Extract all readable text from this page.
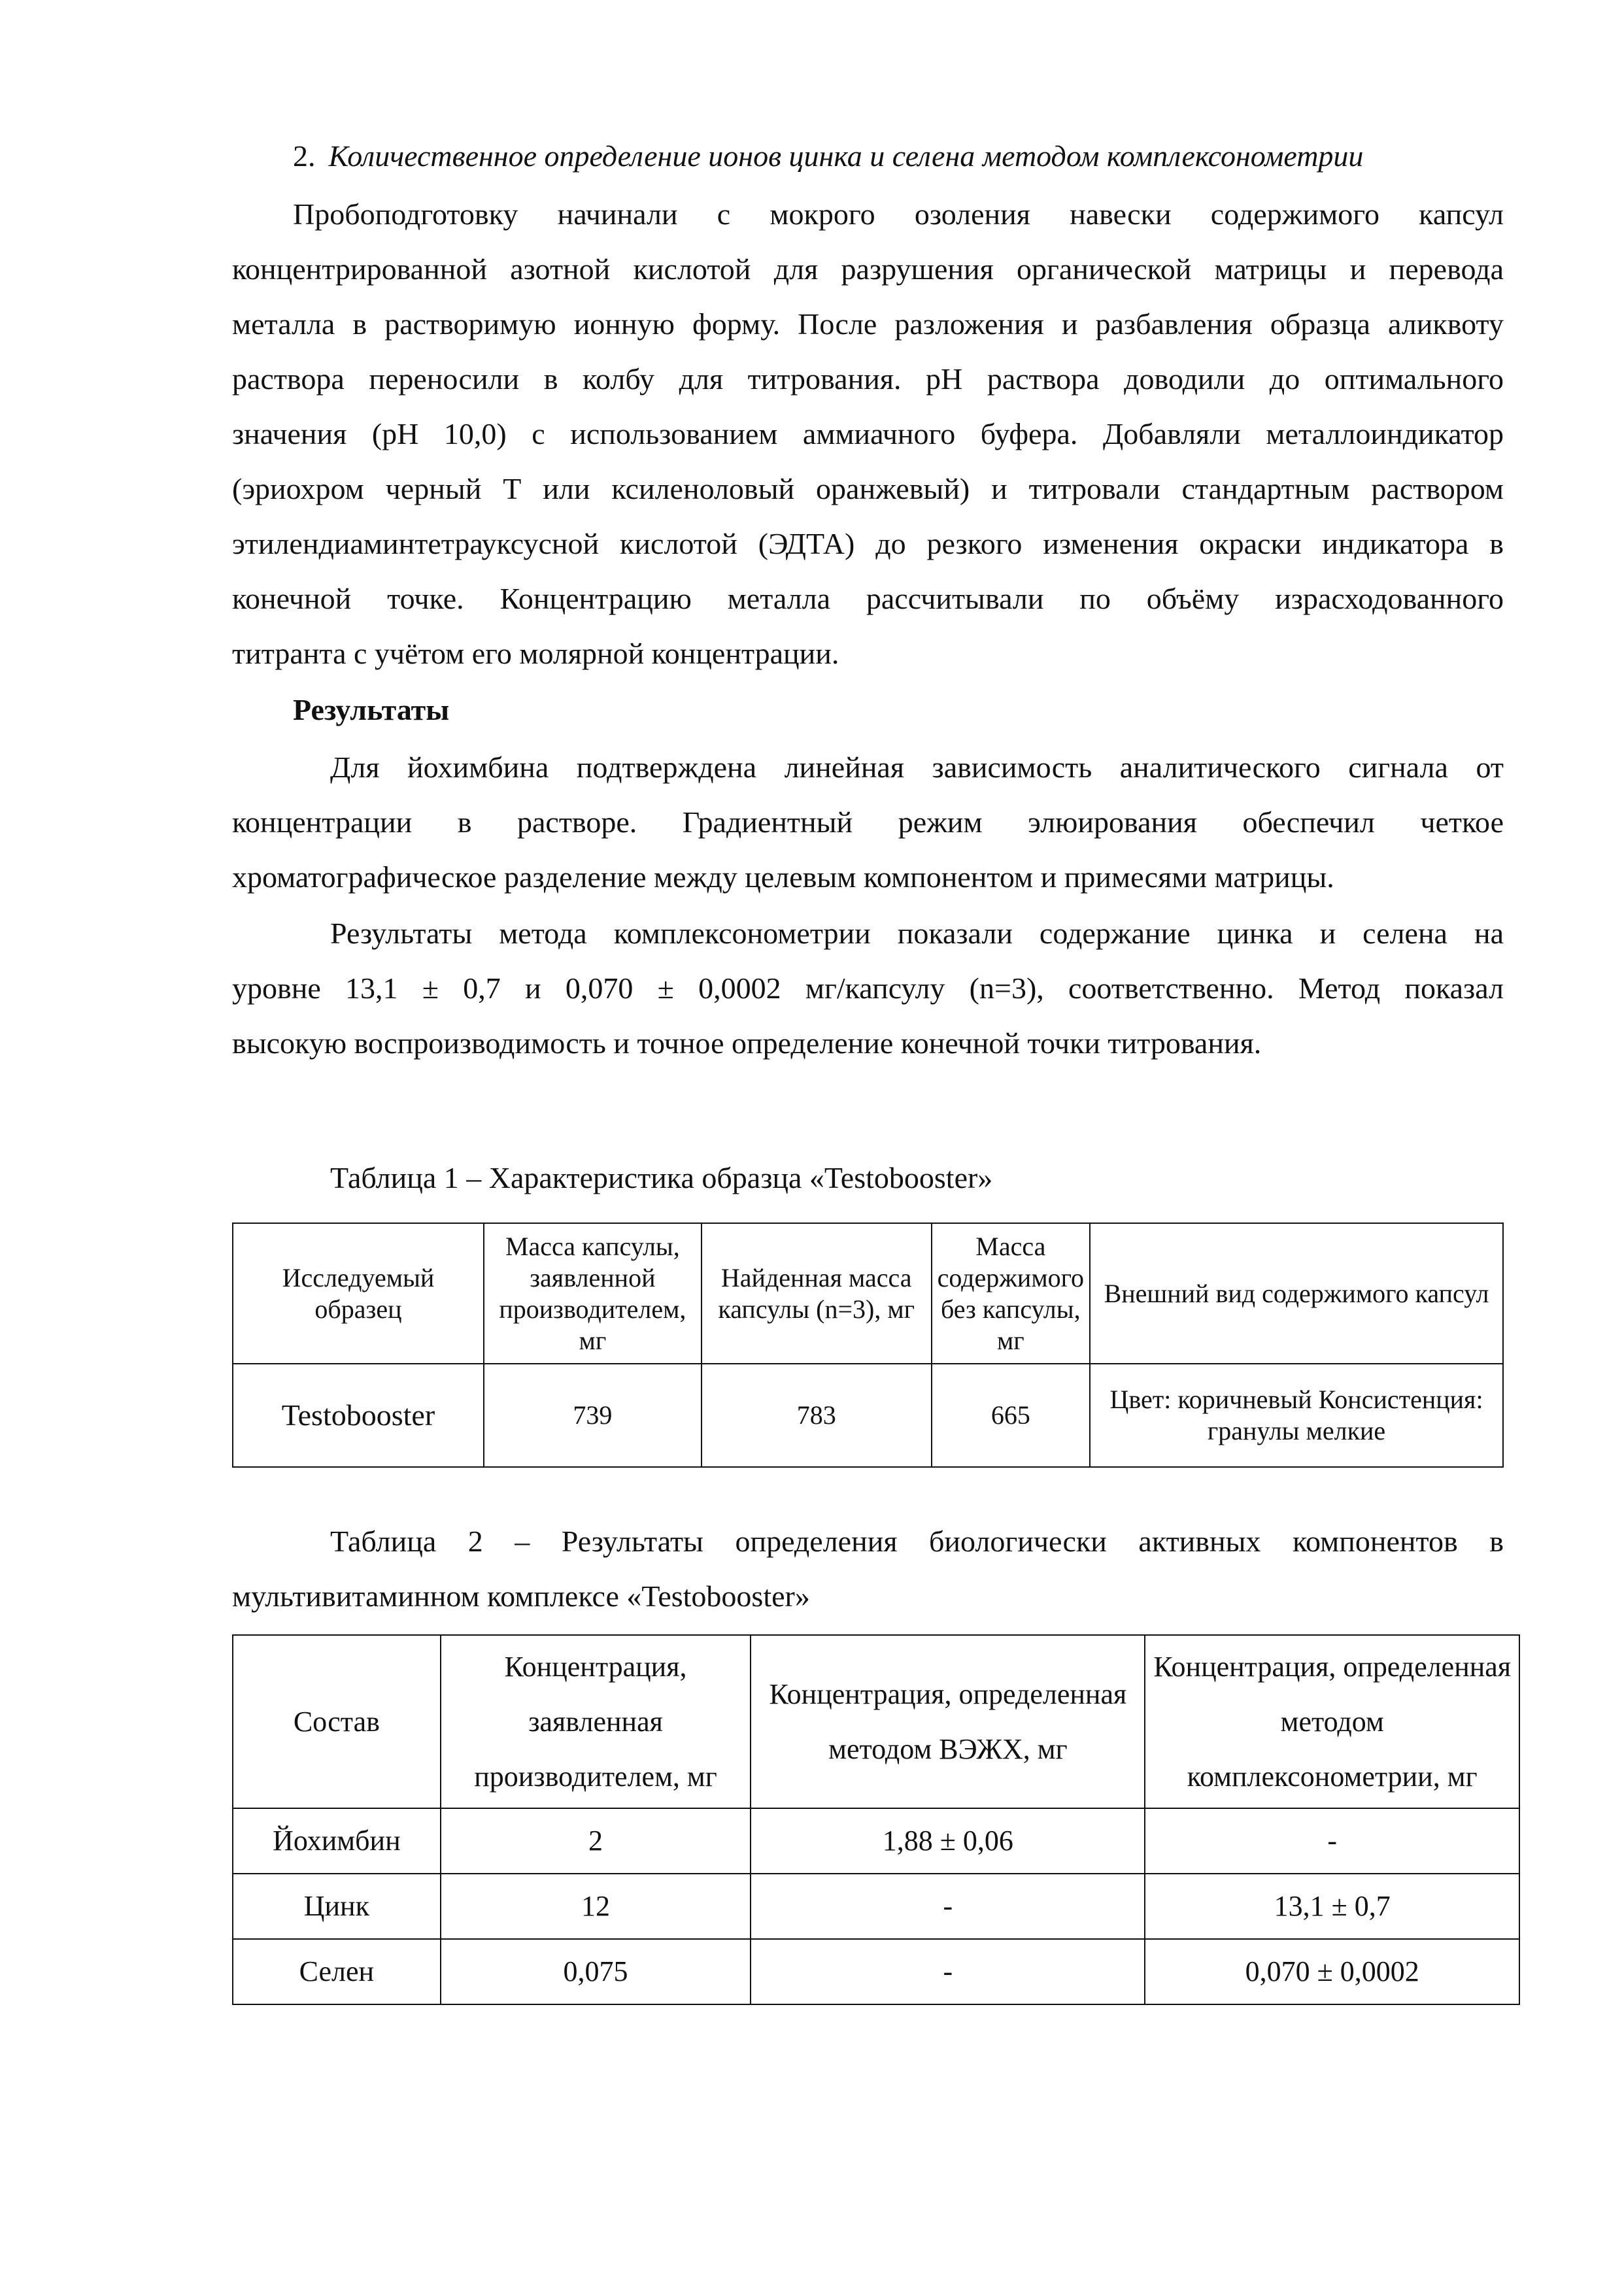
2. Количественное определение ионов цинка и селена методом комплексонометрии
Пробоподготовку начинали с мокрого озоления навески содержимого капсул
концентрированной азотной кислотой для разрушения органической матрицы и перевода
металла в растворимую ионную форму. После разложения и разбавления образца аликвоту
раствора переносили в колбу для титрования. pH раствора доводили до оптимального
значения (pH 10,0) с использованием аммиачного буфера. Добавляли металлоиндикатор
(эриохром черный Т или ксиленоловый оранжевый) и титровали стандартным раствором
этилендиаминтетрауксусной кислотой (ЭДТА) до резкого изменения окраски индикатора в
конечной точке. Концентрацию металла рассчитывали по объёму израсходованного
титранта с учётом его молярной концентрации.
Результаты
Для йохимбина подтверждена линейная зависимость аналитического сигнала от
концентрации в растворе. Градиентный режим элюирования обеспечил четкое
хроматографическое разделение между целевым компонентом и примесями матрицы.
Результаты метода комплексонометрии показали содержание цинка и селена на
уровне 13,1 ± 0,7 и 0,070 ± 0,0002 мг/капсулу (n=3), соответственно. Метод показал
высокую воспроизводимость и точное определение конечной точки титрования.
Таблица 1 – Характеристика образца «Testobooster»
Исследуемый образец	Масса капсулы, заявленной производителем, мг	Найденная масса капсулы (n=3), мг	Масса содержимого без капсулы, мг	Внешний вид содержимого капсул
Testobooster	739	783	665	Цвет: коричневый Консистенция: гранулы мелкие
Таблица 2 – Результаты определения биологически активных компонентов в
мультивитаминном комплексе «Testobooster»
Состав	Концентрация, заявленная производителем, мг	Концентрация, определенная методом ВЭЖХ, мг	Концентрация, определенная методом комплексонометрии, мг
Йохимбин	2	1,88 ± 0,06	-
Цинк	12	-	13,1 ± 0,7
Селен	0,075	-	0,070 ± 0,0002
